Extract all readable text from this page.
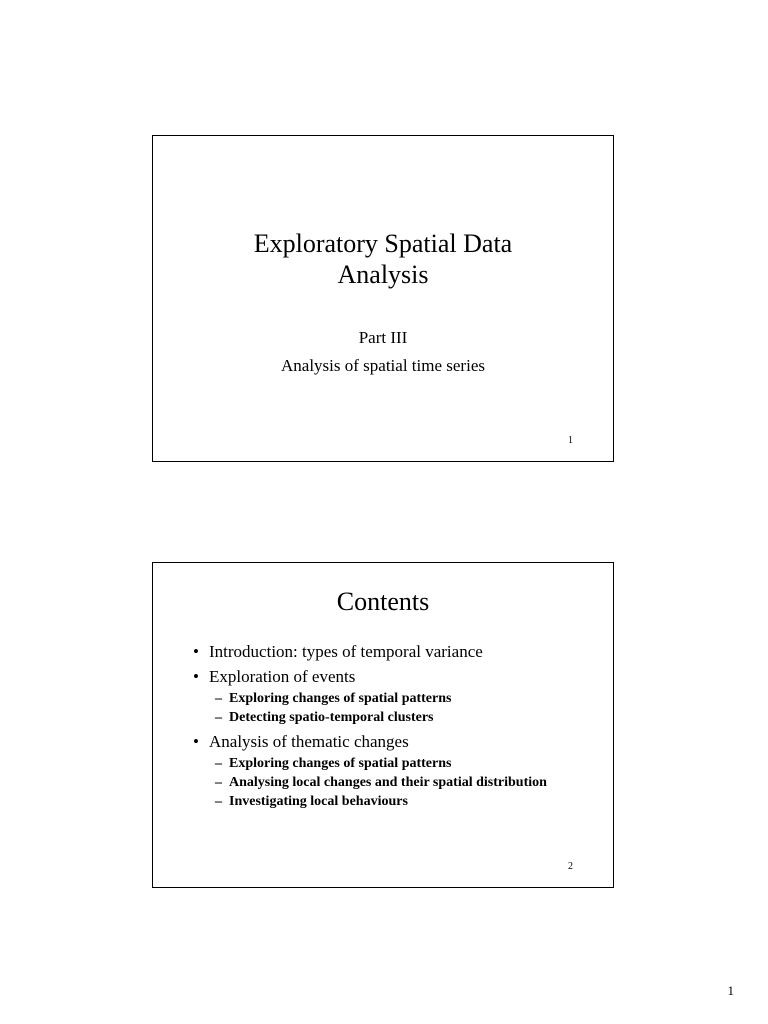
Exploratory Spatial Data
Analysis
Part III
Analysis of spatial time series
1
Contents
• Introduction: types of temporal variance
• Exploration of events
– Exploring changes of spatial patterns
– Detecting spatio-temporal clusters
• Analysis of thematic changes
– Exploring changes of spatial patterns
– Analysing local changes and their spatial distribution
– Investigating local behaviours
2
1
